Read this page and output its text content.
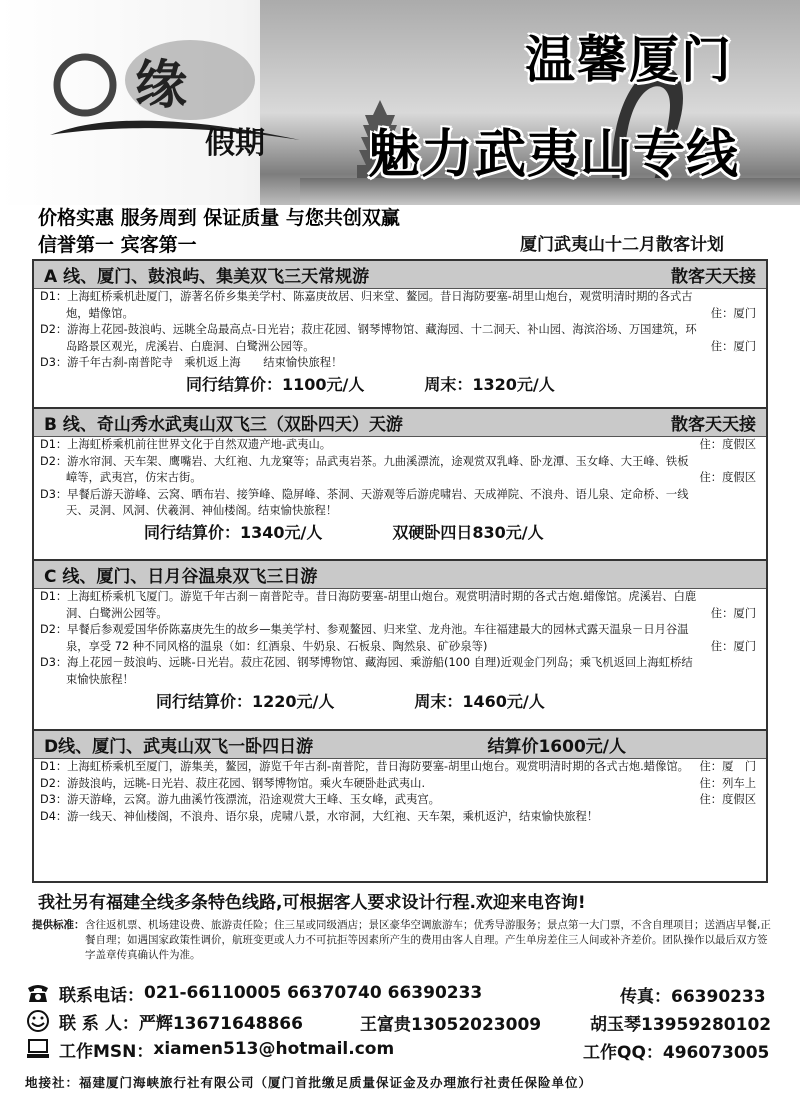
缘
假期
温馨厦门
魅力武夷山专线
价格实惠 服务周到 保证质量 与您共创双赢
信誉第一 宾客第一	厦门武夷山十二月散客计划
A 线、厦门、鼓浪屿、集美双飞三天常规游	散客天天接
D1：上海虹桥乘机赴厦门，游著名侨乡集美学村、陈嘉庚故居、归来堂、鳌园。昔日海防要塞-胡里山炮台，观赏明清时期的各式古炮，蜡像馆。	住：厦门
D2：游海上花园-鼓浪屿、远眺全岛最高点-日光岩；菽庄花园、钢琴博物馆、藏海园、十二洞天、补山园、海滨浴场、万国建筑，环岛路景区观光，虎溪岩、白鹿洞、白鹭洲公园等。	住：厦门
D3：游千年古刹-南普陀寺　乘机返上海　　结束愉快旅程！
同行结算价：1100元/人	周末：1320元/人
B 线、奇山秀水武夷山双飞三（双卧四天）天游	散客天天接
D1：上海虹桥乘机前往世界文化于自然双遗产地-武夷山。	住：度假区
D2：游水帘洞、天车架、鹰嘴岩、大红袍、九龙窠等；品武夷岩茶。九曲溪漂流，途观赏双乳峰、卧龙潭、玉女峰、大王峰、铁板嶂等，武夷宫，仿宋古街。	住：度假区
D3：早餐后游天游峰、云窝、晒布岩、接笋峰、隐屏峰、茶洞、天游观等后游虎啸岩、天成禅院、不浪舟、语儿泉、定命桥、一线天、灵洞、风洞、伏羲洞、神仙楼阁。结束愉快旅程！
同行结算价：1340元/人	双硬卧四日830元/人
C 线、厦门、日月谷温泉双飞三日游
D1：上海虹桥乘机飞厦门。游览千年古刹－南普陀寺。昔日海防要塞-胡里山炮台。观赏明清时期的各式古炮.蜡像馆。虎溪岩、白鹿洞、白鹭洲公园等。	住：厦门
D2：早餐后参观爱国华侨陈嘉庚先生的故乡—集美学村、参观鳌园、归来堂、龙舟池。车往福建最大的园林式露天温泉－日月谷温泉，享受 72 种不同风格的温泉（如：红酒泉、牛奶泉、石板泉、陶然泉、矿砂泉等)	住：厦门
D3：海上花园－鼓浪屿、远眺-日光岩。菽庄花园、钢琴博物馆、藏海园、乘游船(100 自理)近观金门列岛；乘飞机返回上海虹桥结束愉快旅程！
同行结算价：1220元/人	周末：1460元/人
D线、厦门、武夷山双飞一卧四日游	结算价1600元/人
D1：上海虹桥乘机至厦门，游集美，鳌园，游览千年古刹-南普陀，昔日海防要塞-胡里山炮台。观赏明清时期的各式古炮.蜡像馆。 住：厦　门
D2：游鼓浪屿，远眺-日光岩、菽庄花园、钢琴博物馆。乘火车硬卧赴武夷山.	住：列车上
D3：游天游峰，云窝。游九曲溪竹筏漂流，沿途观赏大王峰、玉女峰，武夷宫。	住：度假区
D4：游一线天、神仙楼阁，不浪舟、语尔泉，虎啸八景，水帘洞，大红袍、天车架，乘机返沪，结束愉快旅程！
我社另有福建全线多条特色线路,可根据客人要求设计行程.欢迎来电咨询!
提供标准： 含往返机票、机场建设费、旅游责任险；住三星或同级酒店；景区豪华空调旅游车；优秀导游服务；景点第一大门票，不含自理项目；送酒店早餐,正餐自理；如遇国家政策性调价，航班变更或人力不可抗拒等因素所产生的费用由客人自理。产生单房差住三人间或补齐差价。团队操作以最后双方签字盖章传真确认件为准。
联系电话： 021-66110005 66370740 66390233	传真：66390233
联 系 人： 严辉13671648866	王富贵13052023009	胡玉琴13959280102
工作MSN： xiamen513@hotmail.com	工作QQ：496073005
地接社：福建厦门海峡旅行社有限公司（厦门首批缴足质量保证金及办理旅行社责任保险单位）
